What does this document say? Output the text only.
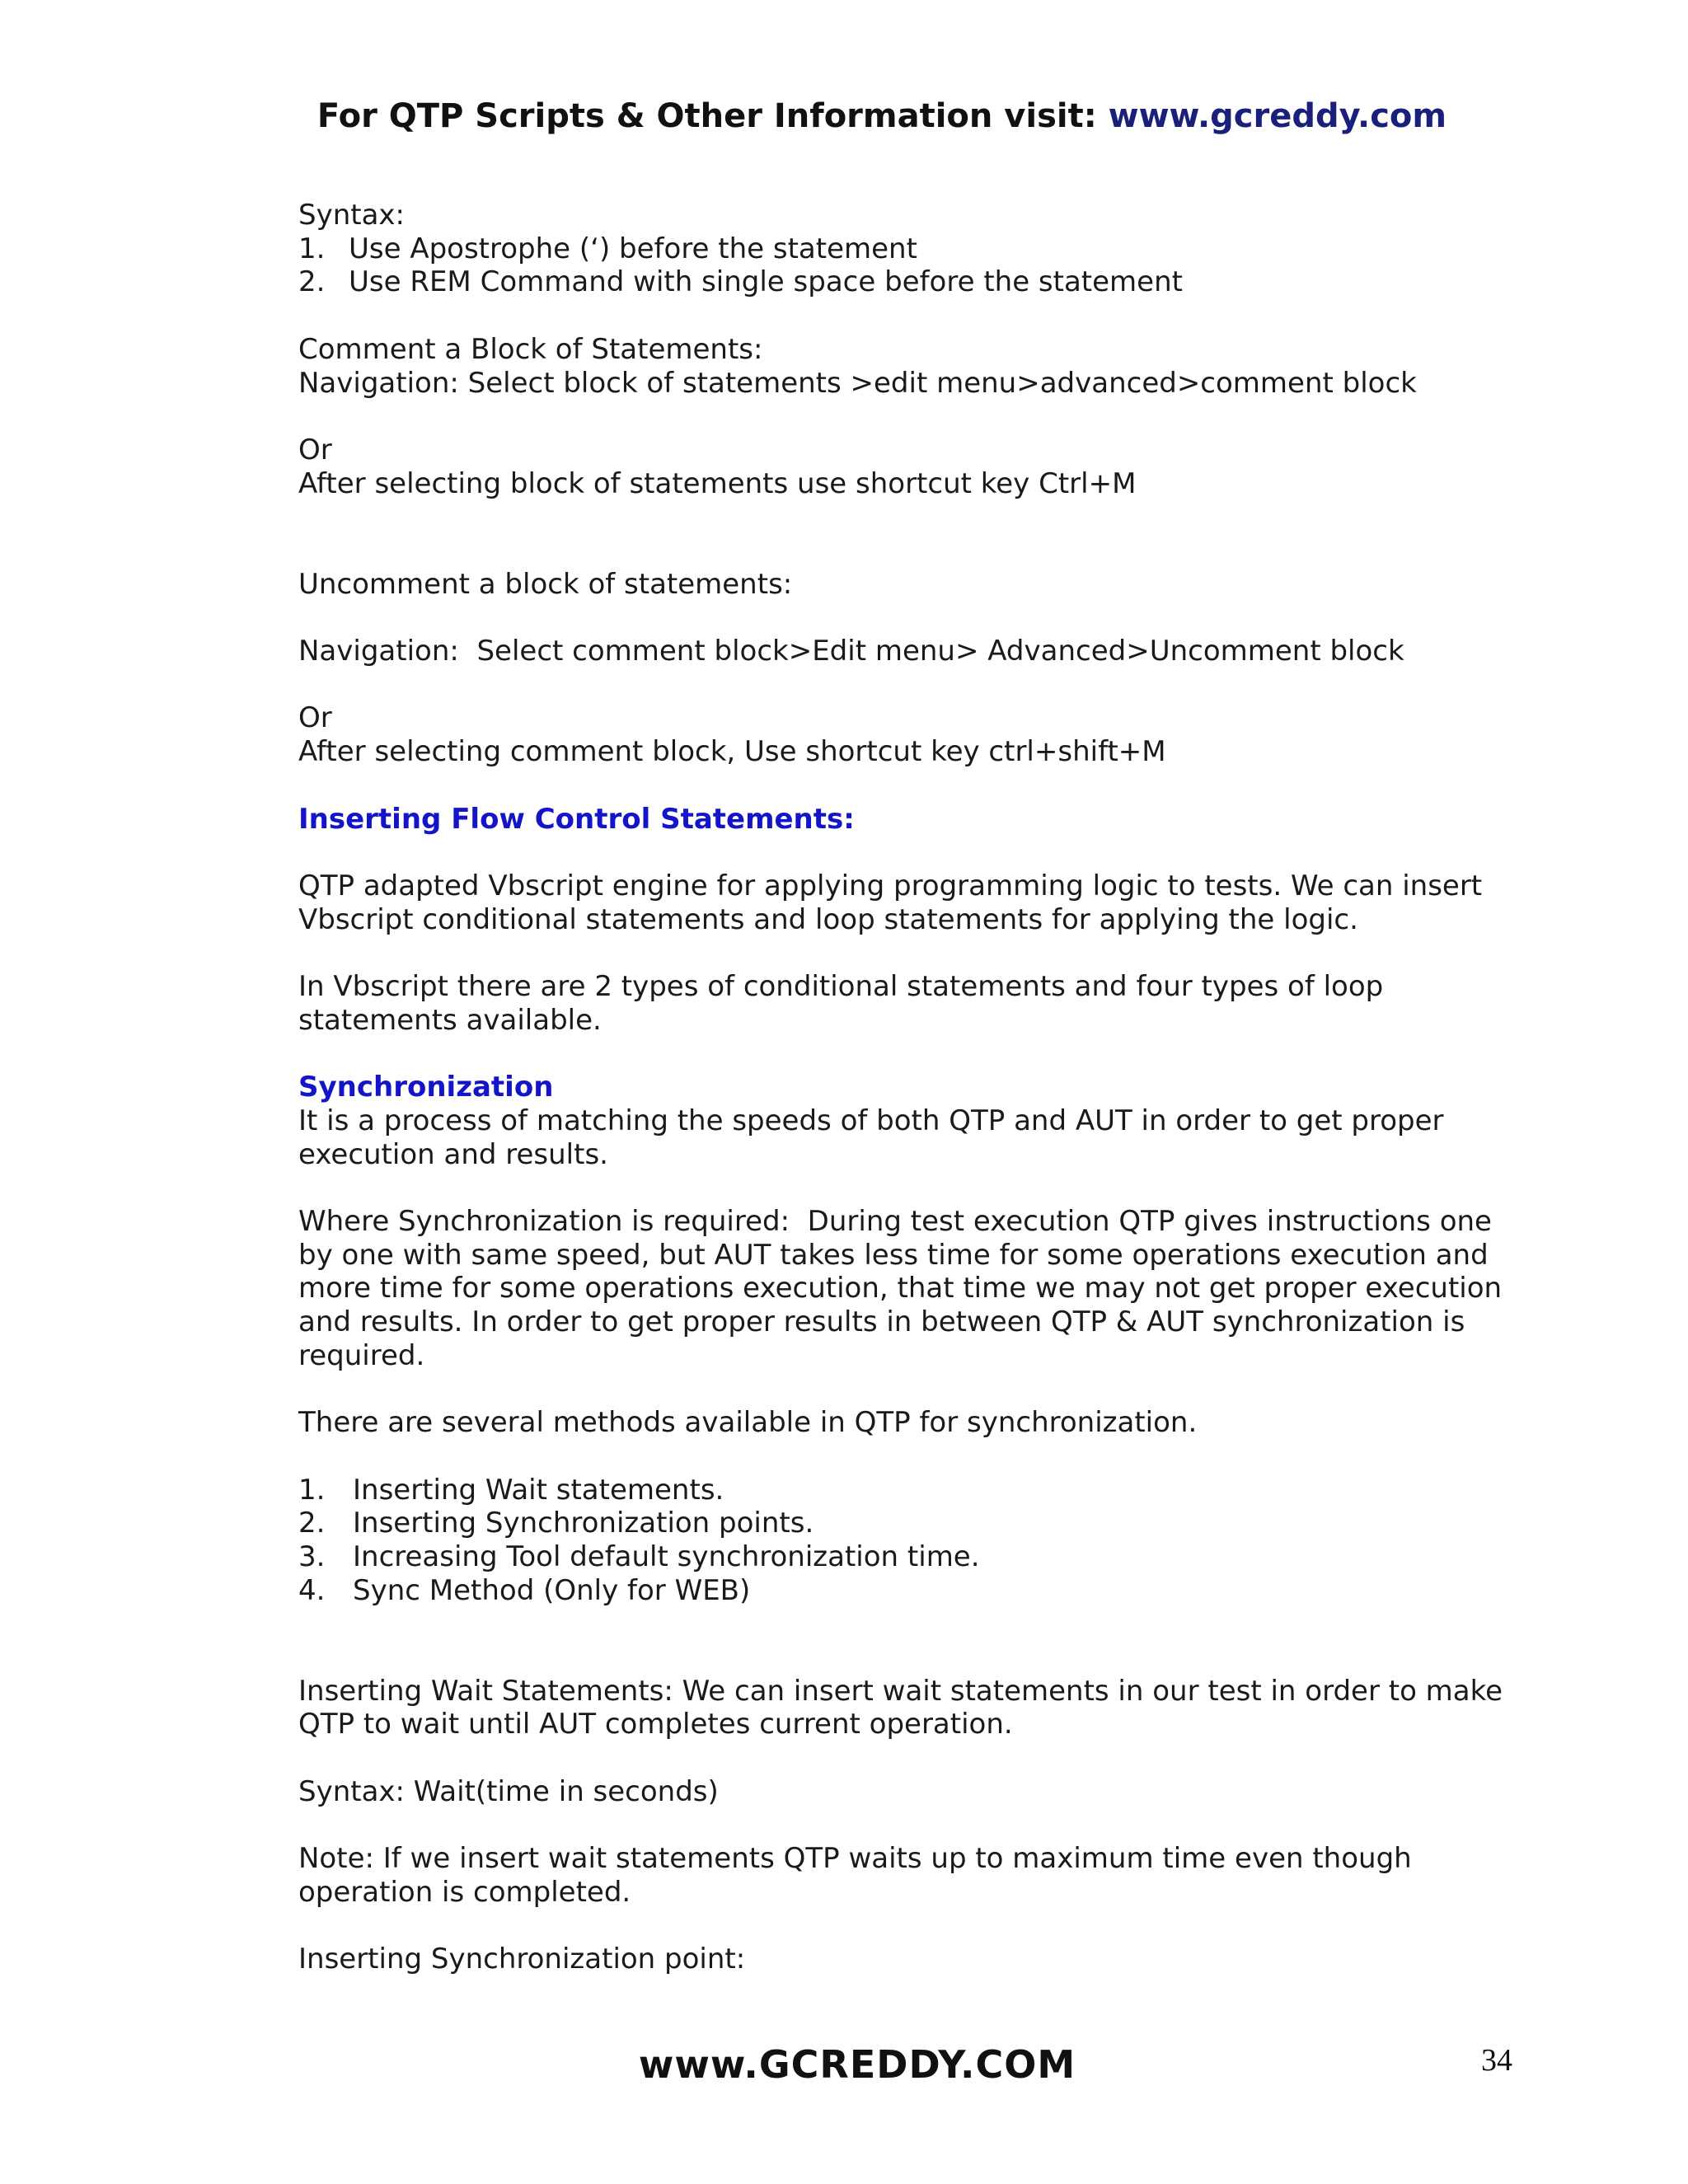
For QTP Scripts & Other Information visit: www.gcreddy.com

Syntax:

1. Use Apostrophe (‘) before the statement
2. Use REM Command with single space before the statement

Comment a Block of Statements:

Navigation: Select block of statements >edit menu>advanced>comment block

Or

After selecting block of statements use shortcut key Ctrl+M

Uncomment a block of statements:

Navigation:  Select comment block>Edit menu> Advanced>Uncomment block

Or

After selecting comment block, Use shortcut key ctrl+shift+M

Inserting Flow Control Statements:

QTP adapted Vbscript engine for applying programming logic to tests. We can insert

Vbscript conditional statements and loop statements for applying the logic.

In Vbscript there are 2 types of conditional statements and four types of loop

statements available.

Synchronization

It is a process of matching the speeds of both QTP and AUT in order to get proper

execution and results.

Where Synchronization is required:  During test execution QTP gives instructions one

by one with same speed, but AUT takes less time for some operations execution and

more time for some operations execution, that time we may not get proper execution

and results. In order to get proper results in between QTP & AUT synchronization is

required.

There are several methods available in QTP for synchronization.

1. Inserting Wait statements.
2. Inserting Synchronization points.
3. Increasing Tool default synchronization time.
4. Sync Method (Only for WEB)

Inserting Wait Statements: We can insert wait statements in our test in order to make

QTP to wait until AUT completes current operation.

Syntax: Wait(time in seconds)

Note: If we insert wait statements QTP waits up to maximum time even though

operation is completed.

Inserting Synchronization point:

www.GCREDDY.COM	34
